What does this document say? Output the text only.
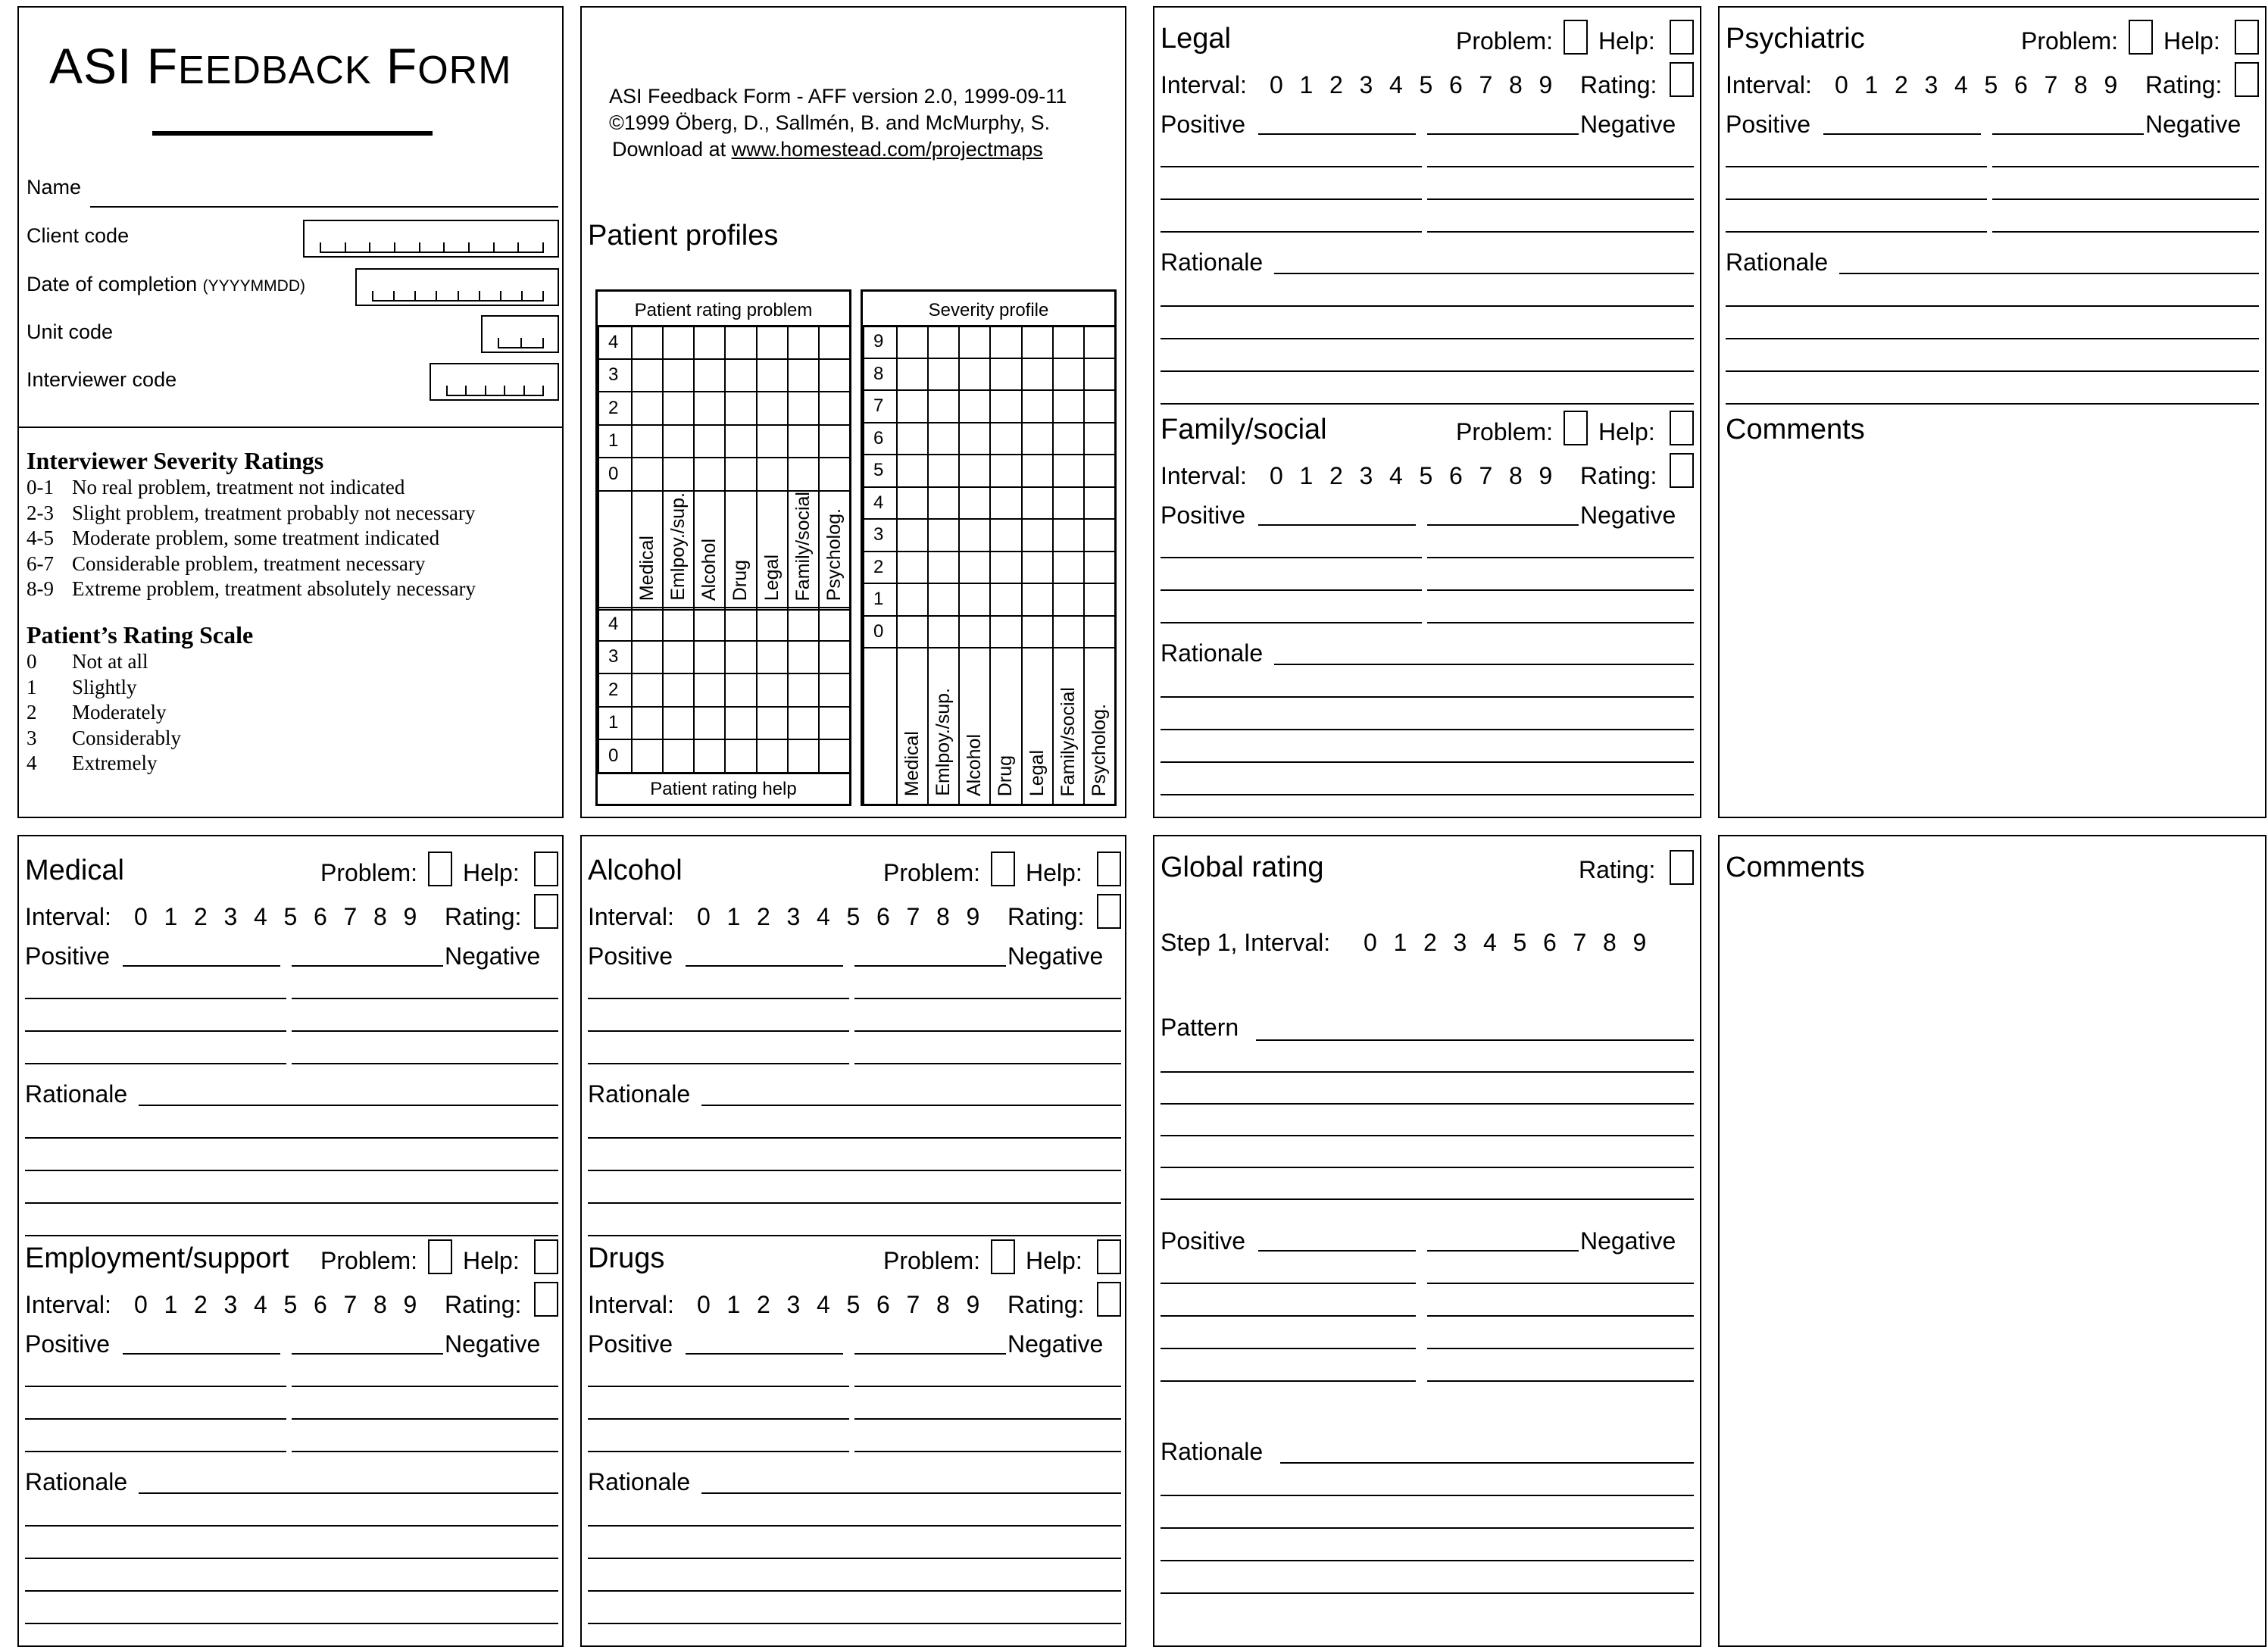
ASI FEEDBACK FORM
Name
Client code
Date of completion (YYYYMMDD)
Unit code
Interviewer code
Interviewer Severity Ratings
Patient’s Rating Scale
0-1 No real problem, treatment not indicated
2-3 Slight problem, treatment probably not necessary
4-5 Moderate problem, some treatment indicated
6-7 Considerable problem, treatment necessary
8-9 Extreme problem, treatment absolutely necessary
0 Not at all
1 Slightly
2 Moderately
3 Considerably
4 Extremely
ASI Feedback Form - AFF version 2.0, 1999-09-11
©1999 Öberg, D., Sallmén, B. and McMurphy, S.
Download at www.homestead.com/projectmaps
Patient profiles
Patient rating problem
4							
3							
2							
1							
0							
	Medical	Emlpoy./sup.	Alcohol	Drug	Legal	Family/social	Psycholog.
4							
3							
2							
1							
0							
Patient rating help
Severity profile
9							
8							
7							
6							
5							
4							
3							
2							
1							
0							
	Medical	Emlpoy./sup.	Alcohol	Drug	Legal	Family/social	Psycholog.
Legal	Problem: Help:
Interval: 0 1 2 3 4 5 6 7 8 9 Rating:
Positive	Negative
Rationale
Family/social	Problem: Help:
Interval: 0 1 2 3 4 5 6 7 8 9 Rating:
Positive	Negative
Rationale
Comments
Psychiatric	Problem: Help:
Interval: 0 1 2 3 4 5 6 7 8 9 Rating:
Positive	Negative
Rationale
Medical	Problem: Help:
Interval: 0 1 2 3 4 5 6 7 8 9 Rating:
Positive	Negative
Rationale
Employment/support Problem: Help:
Interval: 0 1 2 3 4 5 6 7 8 9 Rating:
Positive	Negative
Rationale
Alcohol	Problem: Help:
Interval: 0 1 2 3 4 5 6 7 8 9 Rating:
Positive	Negative
Rationale
Drugs	Problem: Help:
Interval: 0 1 2 3 4 5 6 7 8 9 Rating:
Positive	Negative
Rationale
Global rating	Rating:
Step 1, Interval:
Pattern
Positive	Negative
Rationale
0 1 2 3 4 5 6 7 8 9
Comments
